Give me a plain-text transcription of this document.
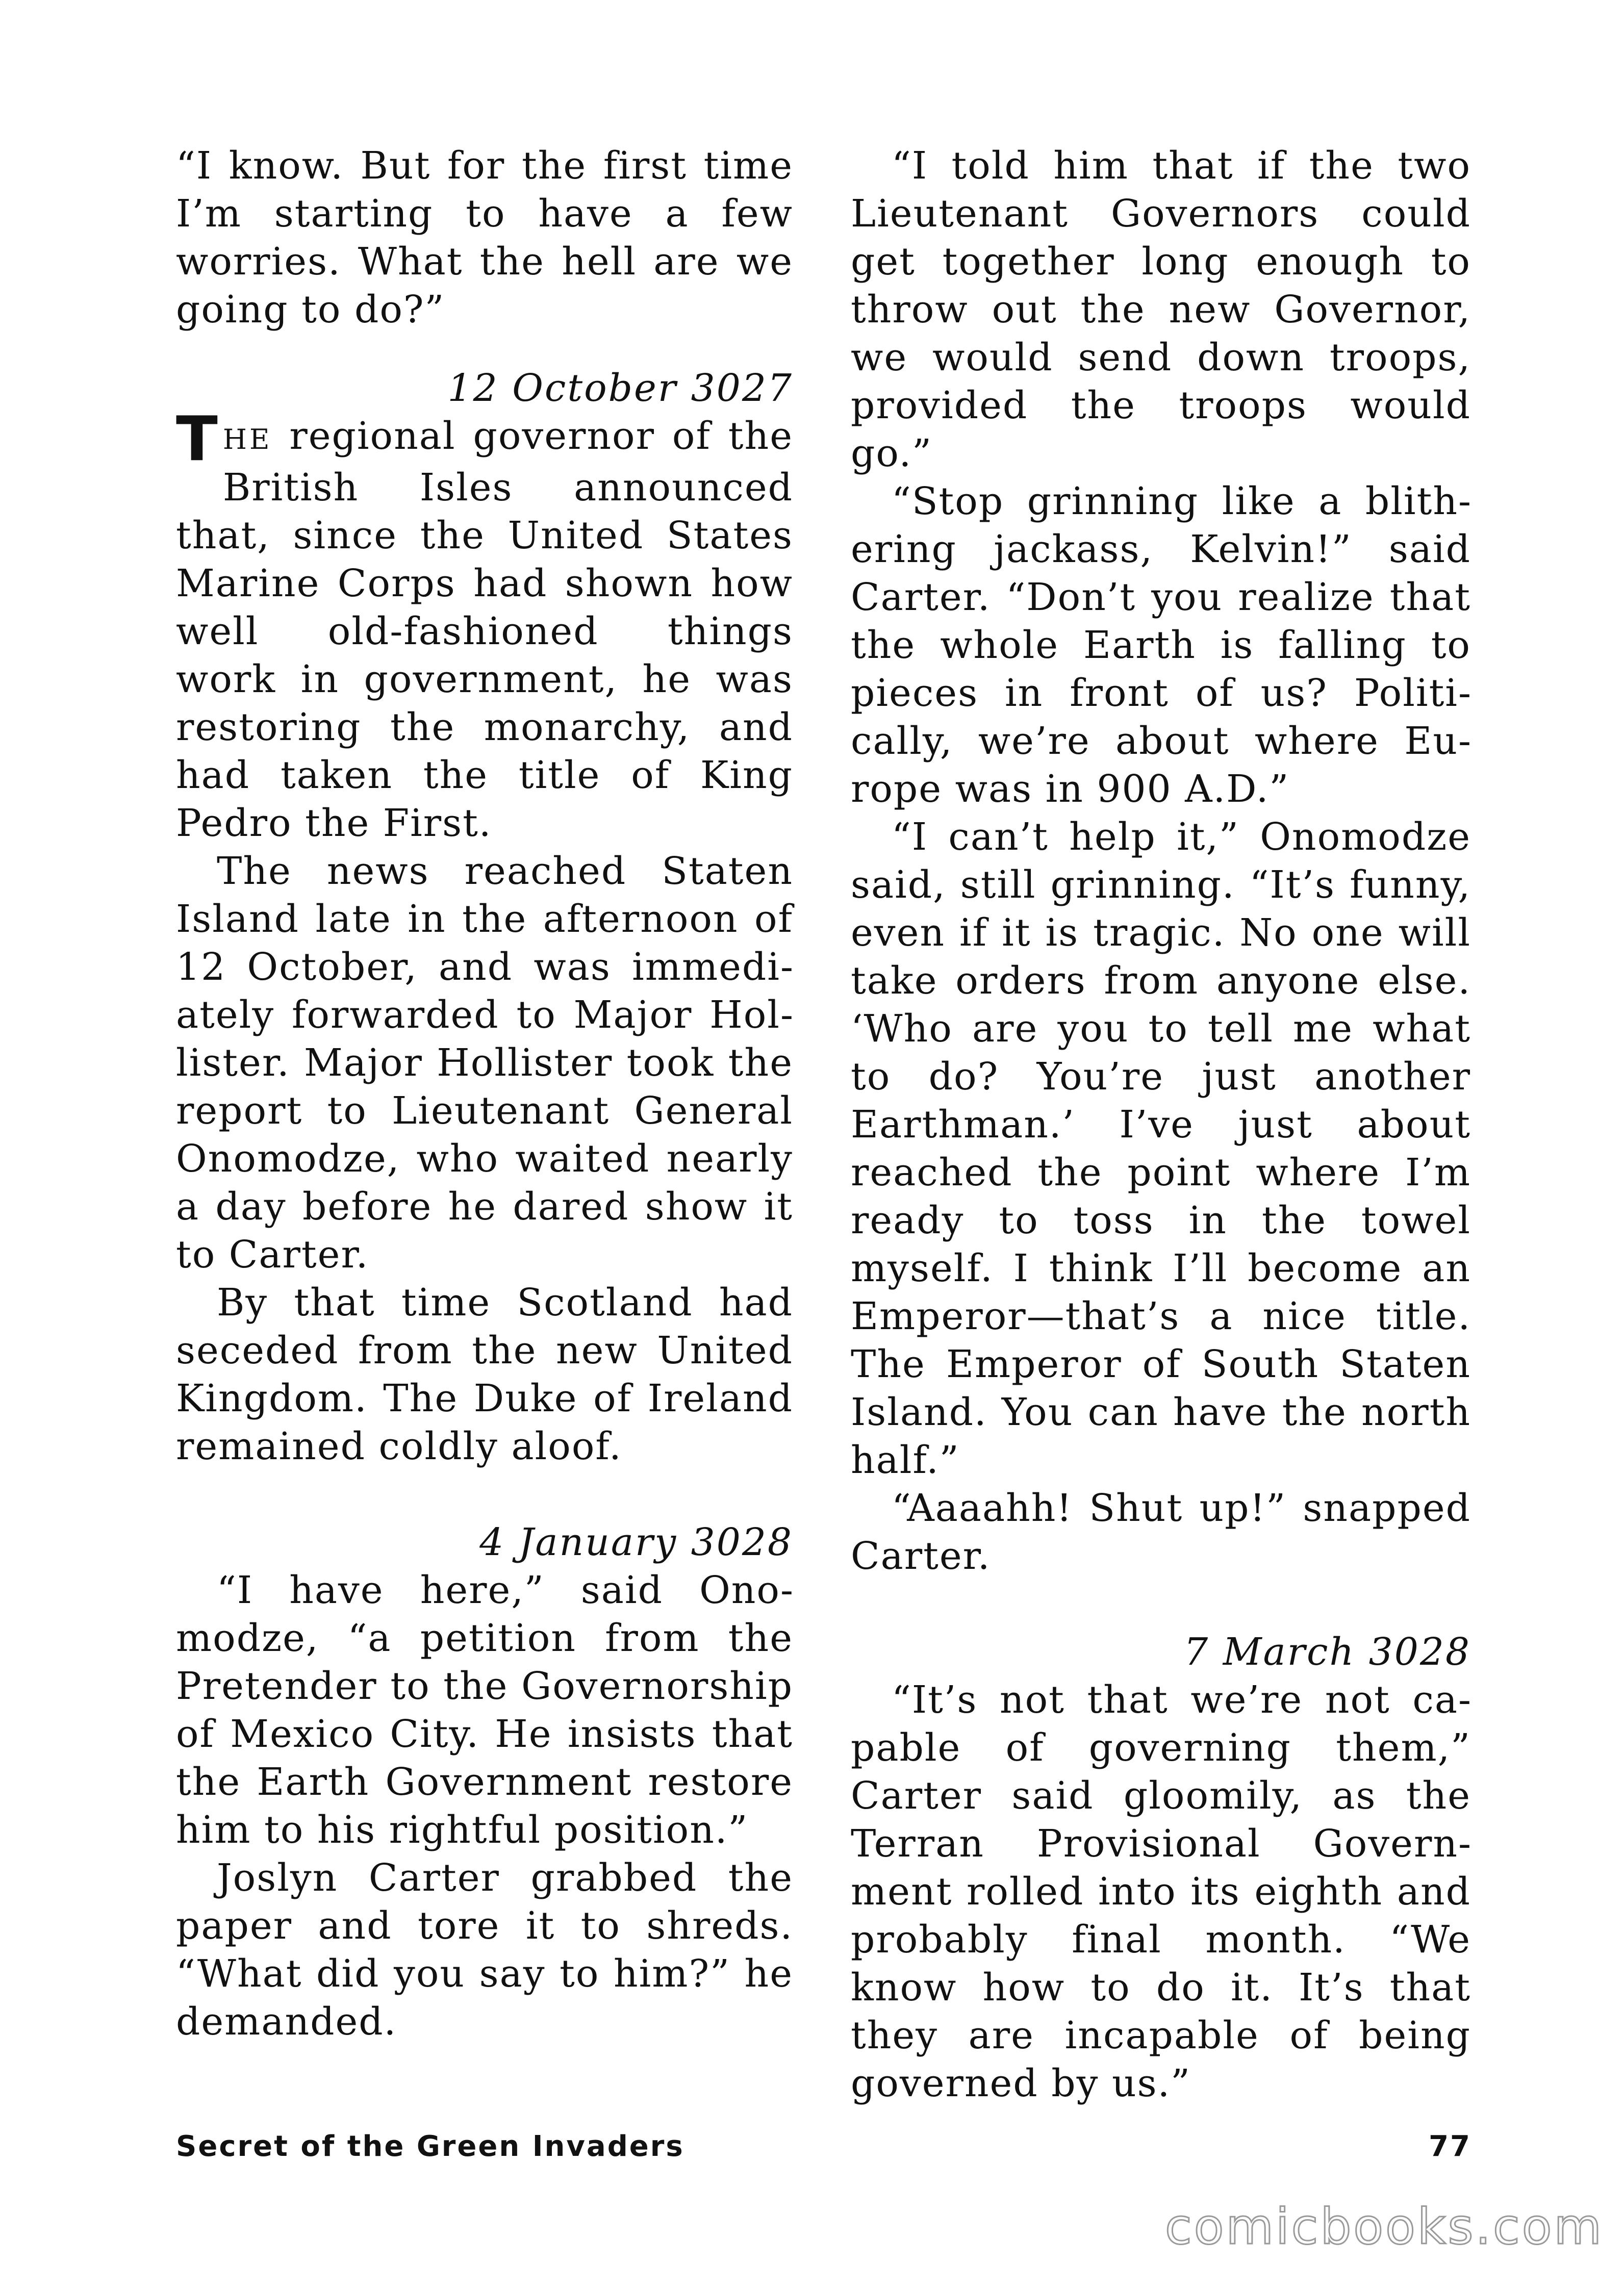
“I know. But for the first time I’m starting to have a few worries. What the hell are we going to do?”

12 October 3027

THE regional governor of the British Isles announced that, since the United States Marine Corps had shown how well old-fashioned things work in government, he was restoring the monarchy, and had taken the title of King Pedro the First.

The news reached Staten Island late in the afternoon of 12 October, and was immediately forwarded to Major Hollister. Major Hollister took the report to Lieutenant General Onomodze, who waited nearly a day before he dared show it to Carter.

By that time Scotland had seceded from the new United Kingdom. The Duke of Ireland remained coldly aloof.

4 January 3028

“I have here,” said Onomodze, “a petition from the Pretender to the Governorship of Mexico City. He insists that the Earth Government restore him to his rightful position.”

Joslyn Carter grabbed the paper and tore it to shreds. “What did you say to him?” he demanded.

“I told him that if the two Lieutenant Governors could get together long enough to throw out the new Governor, we would send down troops, provided the troops would go.”

“Stop grinning like a blithering jackass, Kelvin!” said Carter. “Don’t you realize that the whole Earth is falling to pieces in front of us? Politically, we’re about where Europe was in 900 A.D.”

“I can’t help it,” Onomodze said, still grinning. “It’s funny, even if it is tragic. No one will take orders from anyone else. ‘Who are you to tell me what to do? You’re just another Earthman.’ I’ve just about reached the point where I’m ready to toss in the towel myself. I think I’ll become an Emperor—that’s a nice title. The Emperor of South Staten Island. You can have the north half.”

“Aaaahh! Shut up!” snapped Carter.

7 March 3028

“It’s not that we’re not capable of governing them,” Carter said gloomily, as the Terran Provisional Government rolled into its eighth and probably final month. “We know how to do it. It’s that they are incapable of being governed by us.”

Secret of the Green Invaders	77
comicbooks.com
